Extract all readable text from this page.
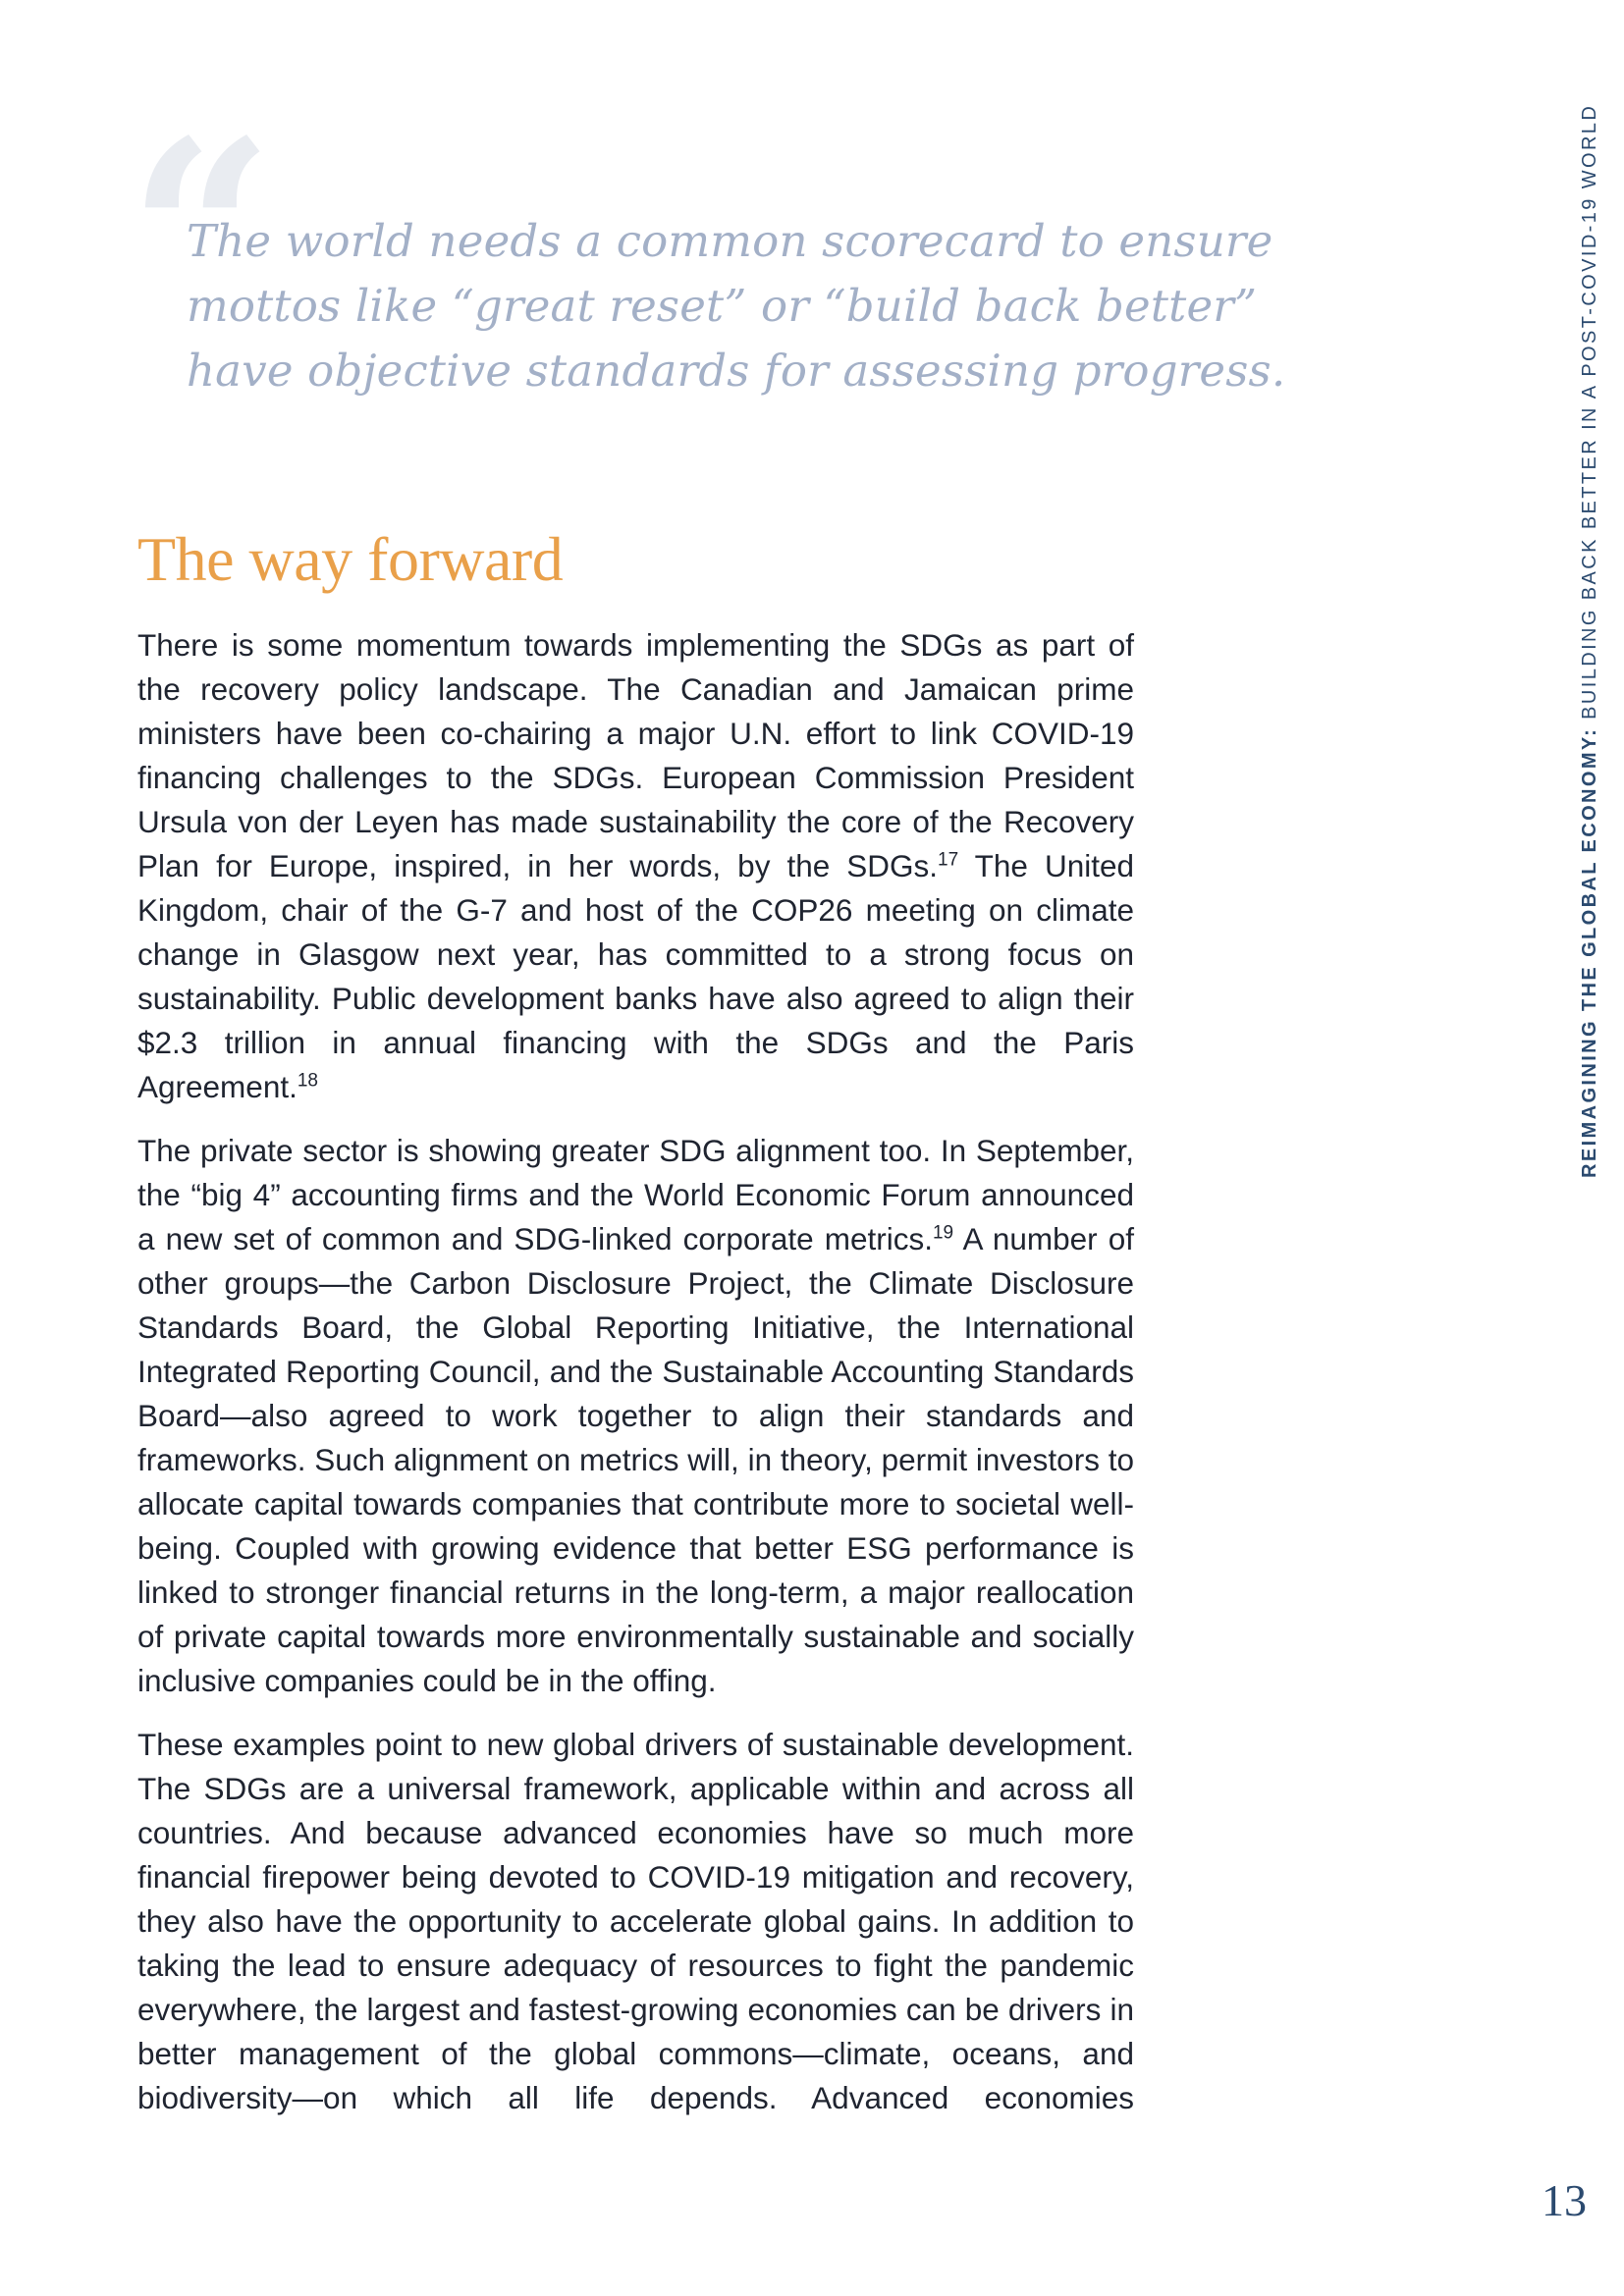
REIMAGINING THE GLOBAL ECONOMY: BUILDING BACK BETTER IN A POST-COVID-19 WORLD
“
The world needs a common scorecard to ensure
mottos like “great reset” or “build back better”
have objective standards for assessing progress.
The way forward

There is some momentum towards implementing the SDGs as part of the recovery policy landscape. The Canadian and Jamaican prime ministers have been co-chairing a major U.N. effort to link COVID-19 financing challenges to the SDGs. European Commission President Ursula von der Leyen has made sustainability the core of the Recovery Plan for Europe, inspired, in her words, by the SDGs.$^{17}$ The United Kingdom, chair of the G-7 and host of the COP26 meeting on climate change in Glasgow next year, has committed to a strong focus on sustainability. Public development banks have also agreed to align their $2.3 trillion in annual financing with the SDGs and the Paris Agreement.$^{18}$

The private sector is showing greater SDG alignment too. In September, the “big 4” accounting firms and the World Economic Forum announced a new set of common and SDG-linked corporate metrics.$^{19}$ A number of other groups—the Carbon Disclosure Project, the Climate Disclosure Standards Board, the Global Reporting Initiative, the International Integrated Reporting Council, and the Sustainable Accounting Standards Board—also agreed to work together to align their standards and frameworks. Such alignment on metrics will, in theory, permit investors to allocate capital towards companies that contribute more to societal well-being. Coupled with growing evidence that better ESG performance is linked to stronger financial returns in the long-term, a major reallocation of private capital towards more environmentally sustainable and socially inclusive companies could be in the offing.

These examples point to new global drivers of sustainable development. The SDGs are a universal framework, applicable within and across all countries. And because advanced economies have so much more financial firepower being devoted to COVID-19 mitigation and recovery, they also have the opportunity to accelerate global gains. In addition to taking the lead to ensure adequacy of resources to fight the pandemic everywhere, the largest and fastest-growing economies can be drivers in better management of the global commons—climate, oceans, and biodiversity—on which all life depends. Advanced economies

13
